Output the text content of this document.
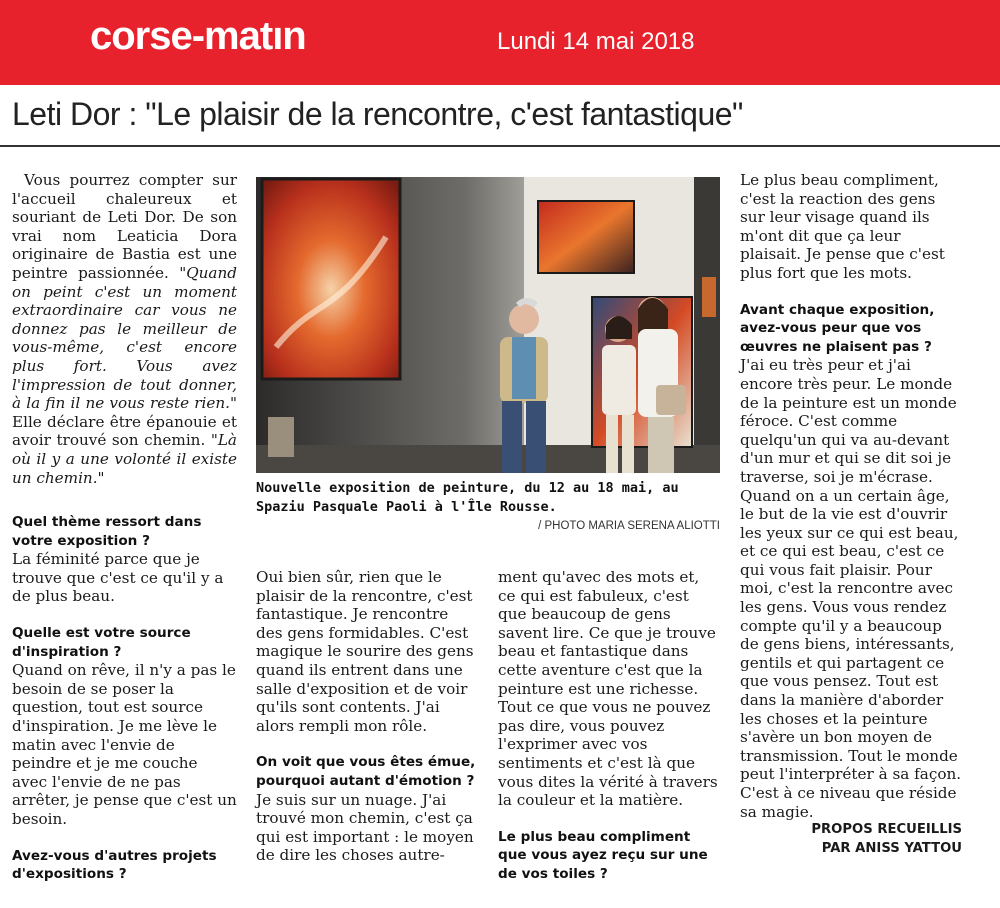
corse-matın	Lundi 14 mai 2018
Leti Dor : "Le plaisir de la rencontre, c'est fantastique"

Vous pourrez compter sur l'accueil chaleureux et souriant de Leti Dor. De son vrai nom Leaticia Dora originaire de Bastia est une peintre passionnée. "Quand on peint c'est un moment extraordinaire car vous ne donnez pas le meilleur de vous-même, c'est encore plus fort. Vous avez l'impression de tout donner, à la fin il ne vous reste rien." Elle déclare être épanouie et avoir trouvé son chemin. "Là où il y a une volonté il existe un chemin."

Quel thème ressort dans votre exposition ?

La féminité parce que je trouve que c'est ce qu'il y a de plus beau.

Quelle est votre source d'inspiration ?

Quand on rêve, il n'y a pas le besoin de se poser la question, tout est source d'inspiration. Je me lève le matin avec l'envie de peindre et je me couche avec l'envie de ne pas arrêter, je pense que c'est un besoin.

Avez-vous d'autres projets d'expositions ?

Nouvelle exposition de peinture, du 12 au 18 mai, au Spaziu Pasquale Paoli à l'Île Rousse.
/ PHOTO MARIA SERENA ALIOTTI

Oui bien sûr, rien que le plaisir de la rencontre, c'est fantastique. Je rencontre des gens formidables. C'est magique le sourire des gens quand ils entrent dans une salle d'exposition et de voir qu'ils sont contents. J'ai alors rempli mon rôle.

On voit que vous êtes émue, pourquoi autant d'émotion ?

Je suis sur un nuage. J'ai trouvé mon chemin, c'est ça qui est important : le moyen de dire les choses autre-

ment qu'avec des mots et, ce qui est fabuleux, c'est que beaucoup de gens savent lire. Ce que je trouve beau et fantastique dans cette aventure c'est que la peinture est une richesse. Tout ce que vous ne pouvez pas dire, vous pouvez l'exprimer avec vos sentiments et c'est là que vous dites la vérité à travers la couleur et la matière.

Le plus beau compliment que vous ayez reçu sur une de vos toiles ?

Le plus beau compliment, c'est la reaction des gens sur leur visage quand ils m'ont dit que ça leur plaisait. Je pense que c'est plus fort que les mots.

Avant chaque exposition, avez-vous peur que vos œuvres ne plaisent pas ?

J'ai eu très peur et j'ai encore très peur. Le monde de la peinture est un monde féroce. C'est comme quelqu'un qui va au-devant d'un mur et qui se dit soi je traverse, soi je m'écrase. Quand on a un certain âge, le but de la vie est d'ouvrir les yeux sur ce qui est beau, et ce qui est beau, c'est ce qui vous fait plaisir. Pour moi, c'est la rencontre avec les gens. Vous vous rendez compte qu'il y a beaucoup de gens biens, intéressants, gentils et qui partagent ce que vous pensez. Tout est dans la manière d'aborder les choses et la peinture s'avère un bon moyen de transmission. Tout le monde peut l'interpréter à sa façon. C'est à ce niveau que réside sa magie.

PROPOS RECUEILLIS

PAR ANISS YATTOU
